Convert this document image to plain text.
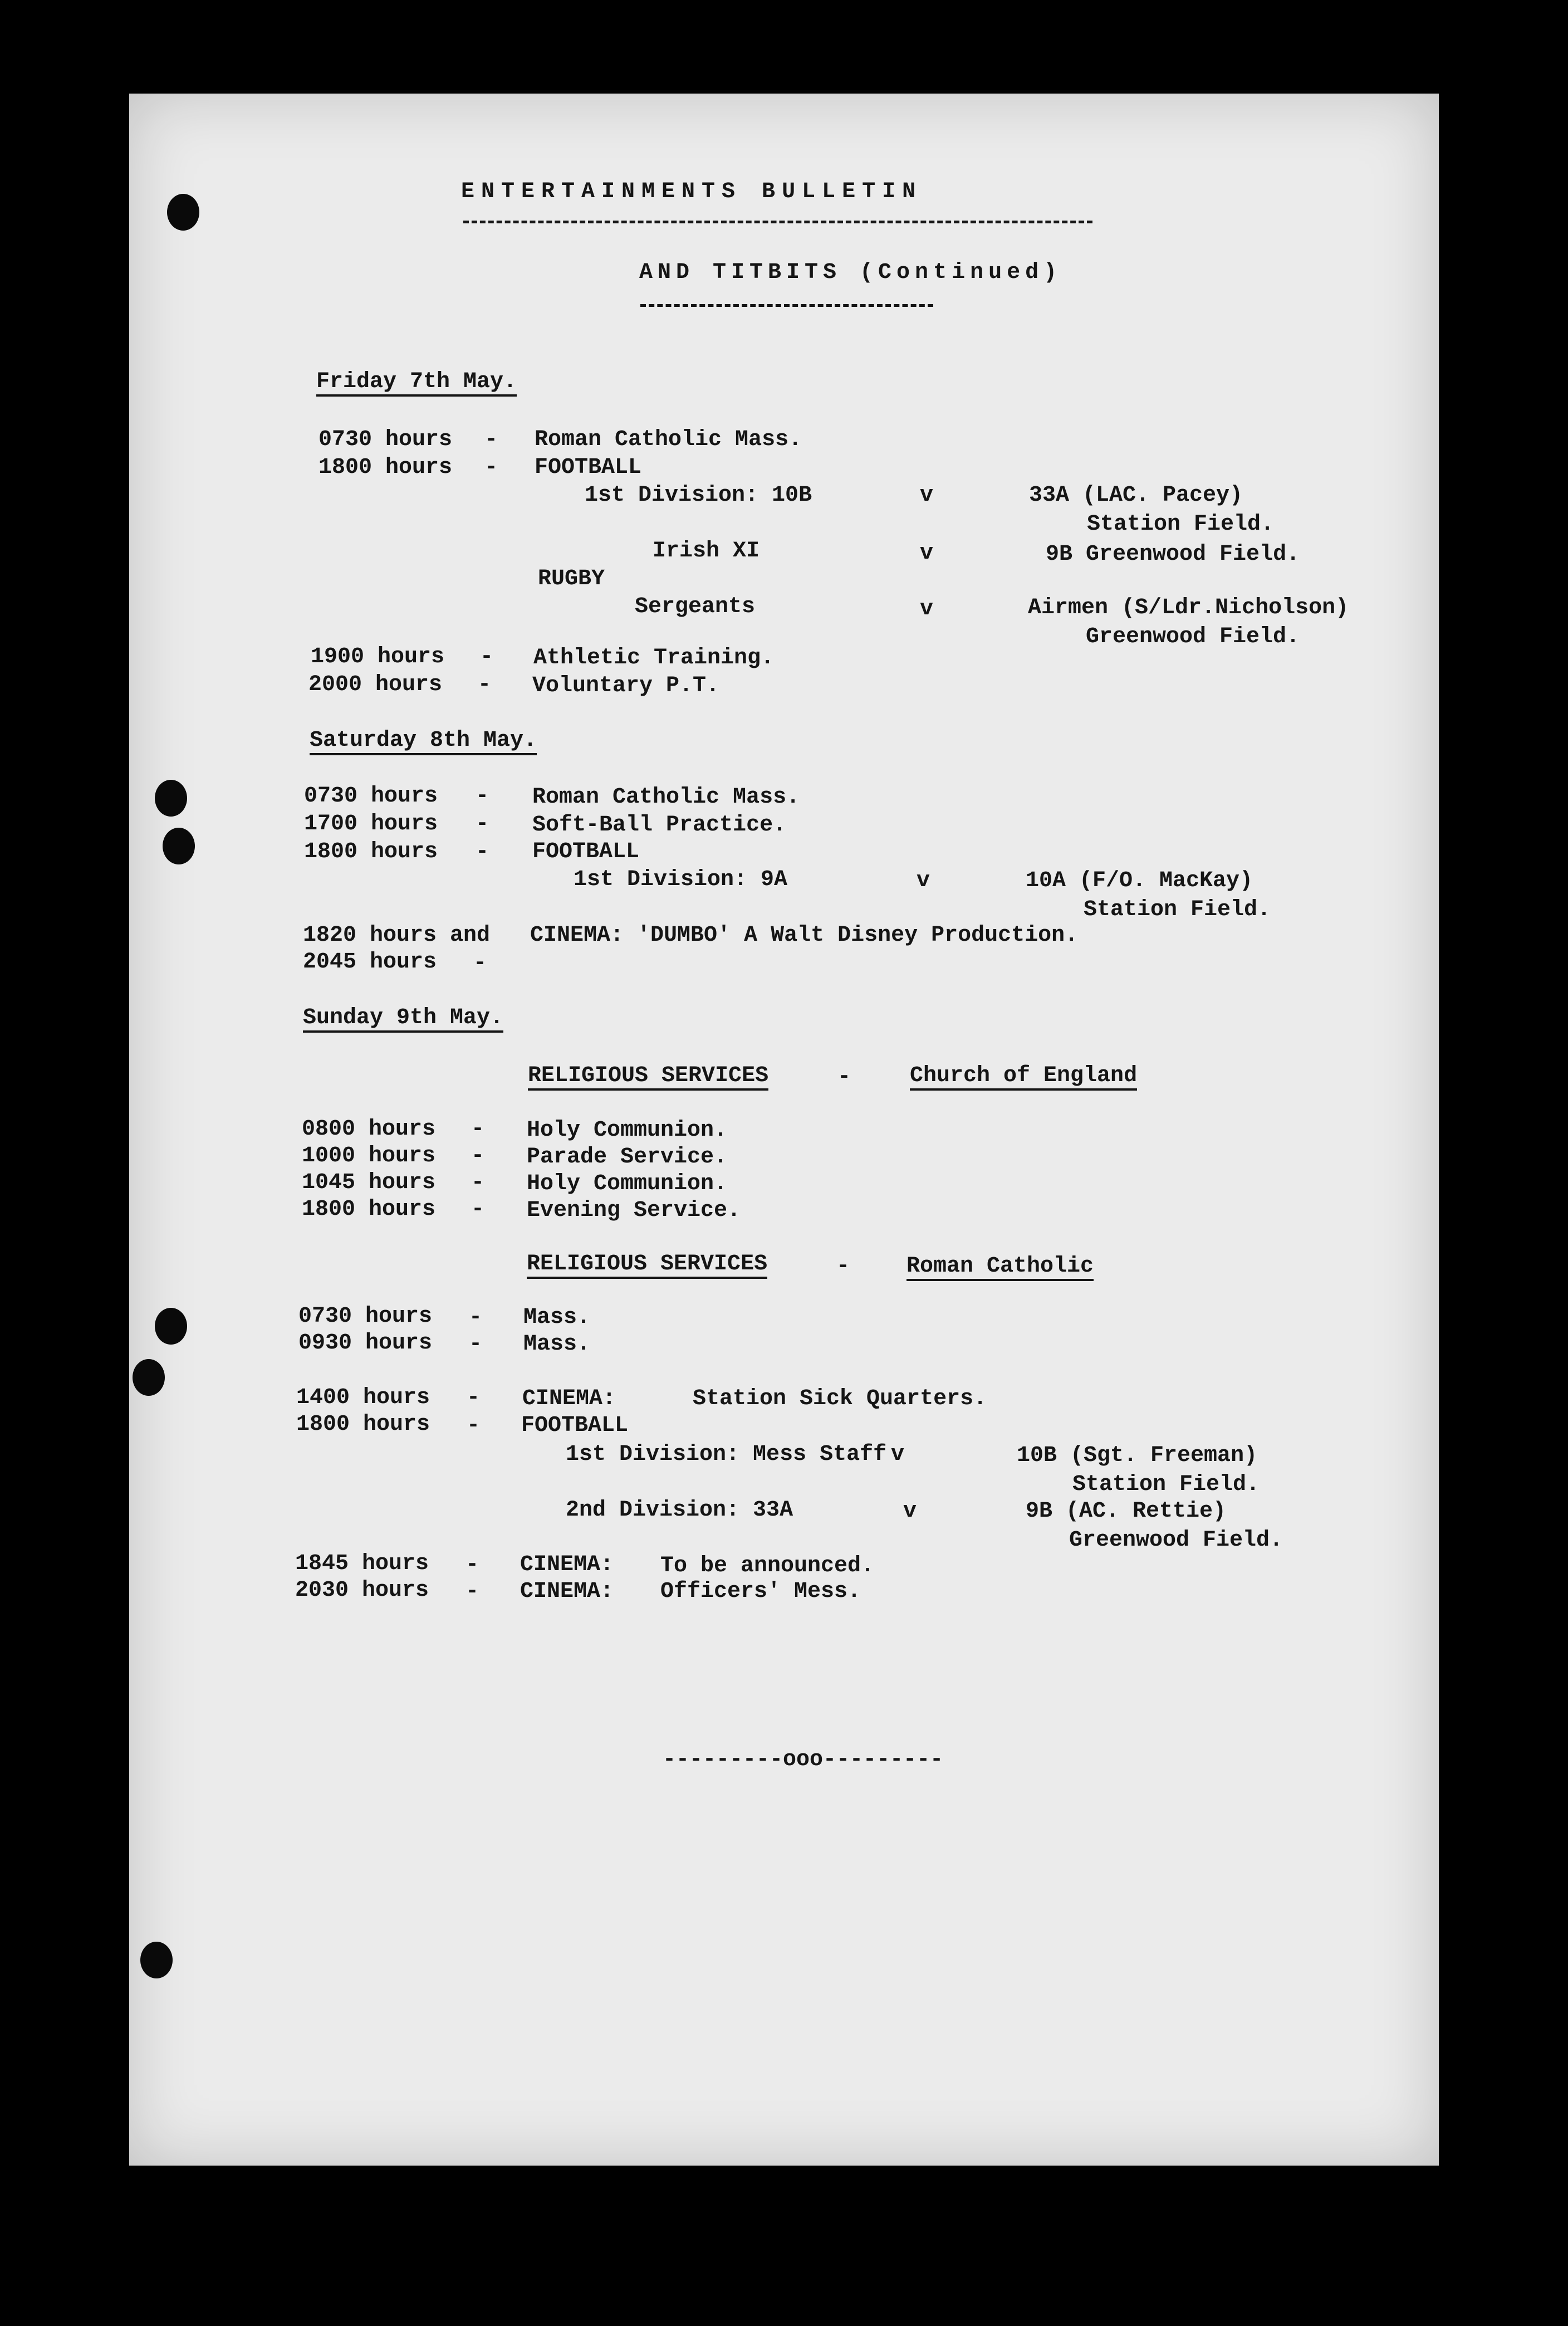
ENTERTAINMENTS BULLETIN
AND TITBITS (Continued)
Friday 7th May.
0730 hours - Roman Catholic Mass.
1800 hours - FOOTBALL
1st Division: 10B	v	33A (LAC. Pacey)
Station Field.
Irish XI	v	9B Greenwood Field.
RUGBY
Sergeants	v	Airmen (S/Ldr.Nicholson)
Greenwood Field.
1900 hours - Athletic Training.
2000 hours - Voluntary P.T.
Saturday 8th May.
0730 hours - Roman Catholic Mass.
1700 hours - Soft-Ball Practice.
1800 hours - FOOTBALL
1st Division: 9A	v	10A (F/O. MacKay)
Station Field.
1820 hours and CINEMA: 'DUMBO' A Walt Disney Production.
2045 hours -
Sunday 9th May.
RELIGIOUS SERVICES	-	Church of England
0800 hours - Holy Communion.
1000 hours - Parade Service.
1045 hours - Holy Communion.
1800 hours - Evening Service.
RELIGIOUS SERVICES	-	Roman Catholic
0730 hours - Mass.
0930 hours - Mass.
1400 hours - CINEMA:	Station Sick Quarters.
1800 hours - FOOTBALL
1st Division: Mess Staff v	10B (Sgt. Freeman)
Station Field.
2nd Division: 33A	v	9B (AC. Rettie)
Greenwood Field.
1845 hours - CINEMA: To be announced.
2030 hours - CINEMA: Officers' Mess.
---------ooo---------
